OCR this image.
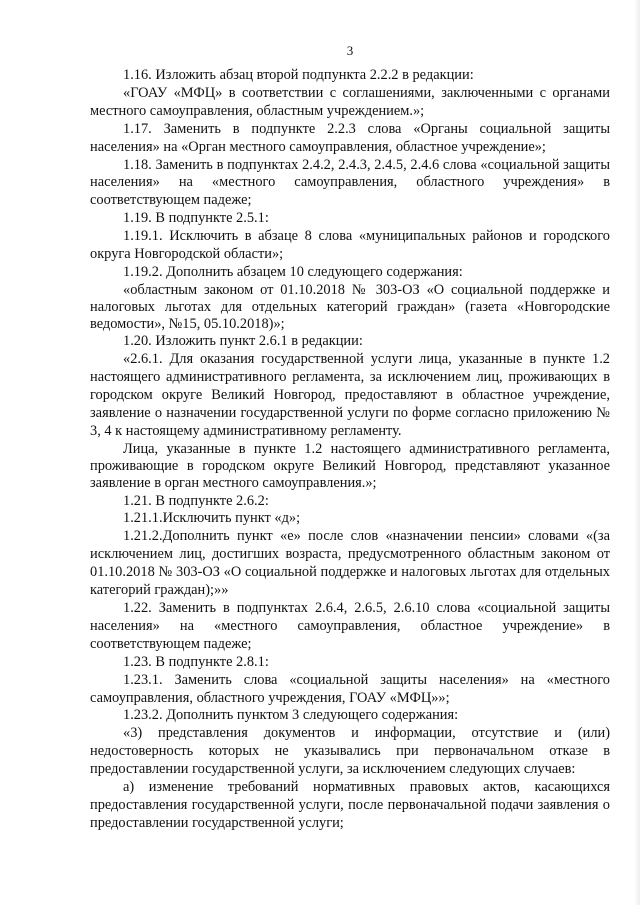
3

1.16. Изложить абзац второй подпункта 2.2.2 в редакции:

«ГОАУ «МФЦ» в соответствии с соглашениями, заключенными с органами местного самоуправления, областным учреждением.»;

1.17. Заменить в подпункте 2.2.3 слова «Органы социальной защиты населения» на «Орган местного самоуправления, областное учреждение»;

1.18. Заменить в подпунктах 2.4.2, 2.4.3, 2.4.5, 2.4.6 слова «социальной защиты населения» на «местного самоуправления, областного учреждения» в соответствующем падеже;

1.19. В подпункте 2.5.1:

1.19.1. Исключить в абзаце 8 слова «муниципальных районов и городского округа Новгородской области»;

1.19.2. Дополнить абзацем 10 следующего содержания:

«областным законом от 01.10.2018 № 303-ОЗ «О социальной поддержке и налоговых льготах для отдельных категорий граждан» (газета «Новгородские ведомости», №15, 05.10.2018)»;

1.20. Изложить пункт 2.6.1 в редакции:

«2.6.1. Для оказания государственной услуги лица, указанные в пункте 1.2 настоящего административного регламента, за исключением лиц, проживающих в городском округе Великий Новгород, предоставляют в областное учреждение, заявление о назначении государственной услуги по форме согласно приложению № 3, 4 к настоящему административному регламенту.

Лица, указанные в пункте 1.2 настоящего административного регламента, проживающие в городском округе Великий Новгород, представляют указанное заявление в орган местного самоуправления.»;

1.21. В подпункте 2.6.2:

1.21.1.Исключить пункт «д»;

1.21.2.Дополнить пункт «е» после слов «назначении пенсии» словами «(за исключением лиц, достигших возраста, предусмотренного областным законом от 01.10.2018 № 303-ОЗ «О социальной поддержке и налоговых льготах для отдельных категорий граждан);»»

1.22. Заменить в подпунктах 2.6.4, 2.6.5, 2.6.10 слова «социальной защиты населения» на «местного самоуправления, областное учреждение» в соответствующем падеже;

1.23. В подпункте 2.8.1:

1.23.1. Заменить слова «социальной защиты населения» на «местного самоуправления, областного учреждения, ГОАУ «МФЦ»»;

1.23.2. Дополнить пунктом 3 следующего содержания:

«3) представления документов и информации, отсутствие и (или) недостоверность которых не указывались при первоначальном отказе в предоставлении государственной услуги, за исключением следующих случаев:

а) изменение требований нормативных правовых актов, касающихся предоставления государственной услуги, после первоначальной подачи заявления о предоставлении государственной услуги;
